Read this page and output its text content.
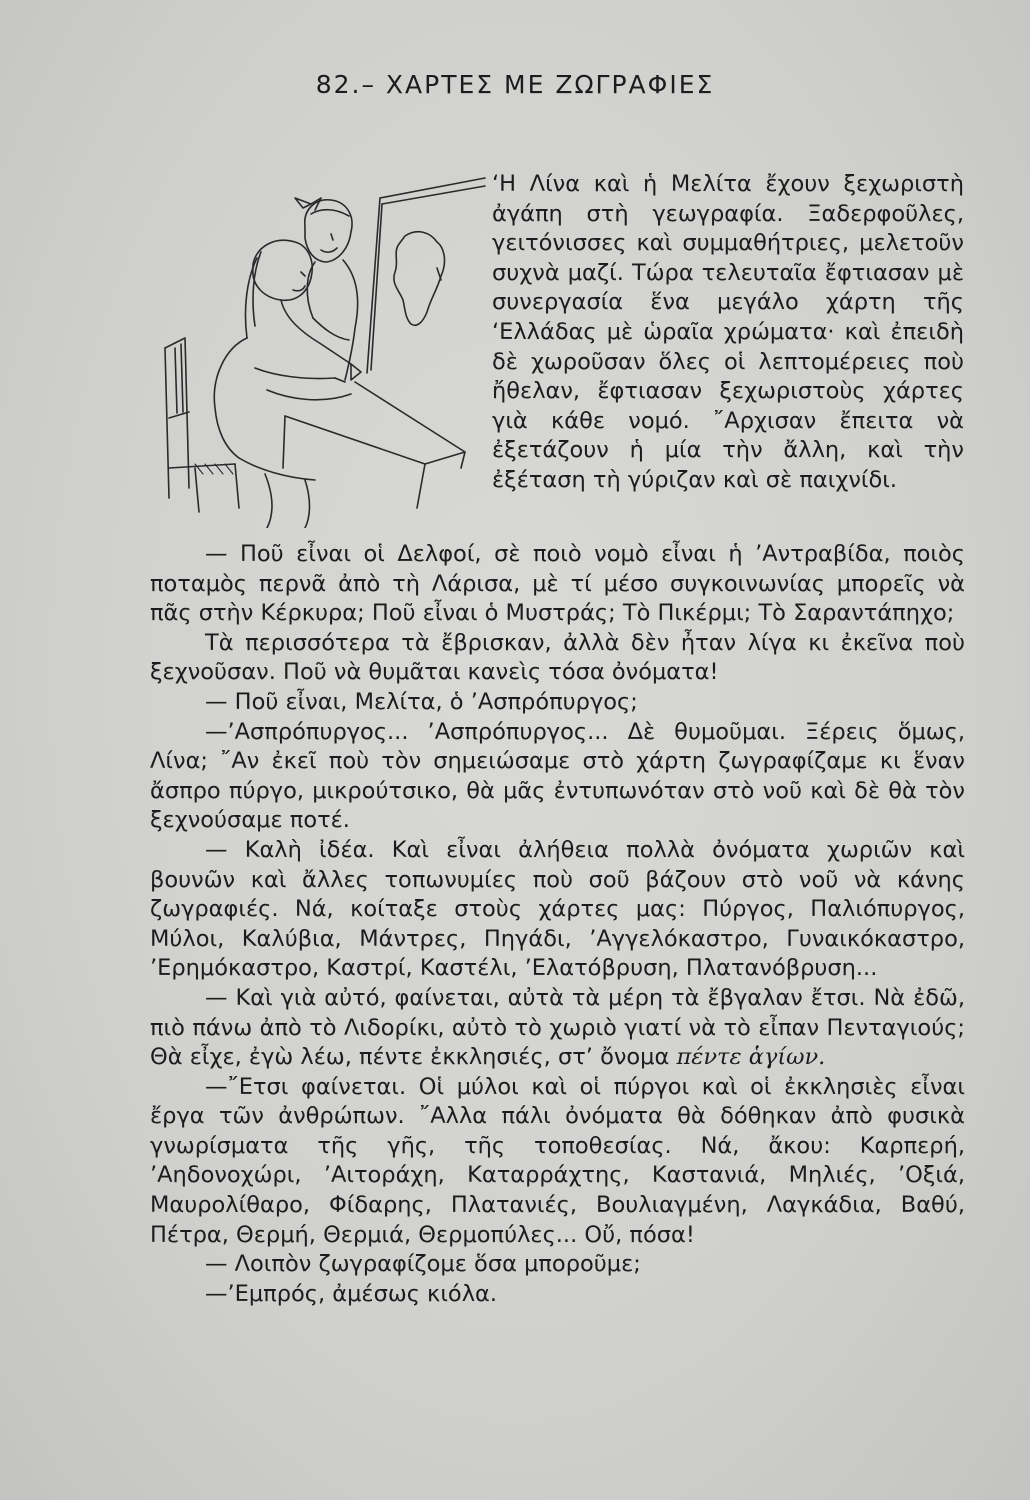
82.– ΧΑΡΤΕΣ ΜΕ ΖΩΓΡΑΦΙΕΣ

‘Η Λίνα καὶ ἡ Μελίτα ἔχουν ξεχωριστὴ ἀγάπη στὴ γεωγραφία. Ξαδερφοῦλες, γειτόνισσες καὶ συμμαθήτριες, μελετοῦν συχνὰ μαζί. Τώρα τελευταῖα ἔφτιασαν μὲ συνεργασία ἕνα μεγάλο χάρτη τῆς ‘Ελλάδας μὲ ὡραῖα χρώματα· καὶ ἐπειδὴ δὲ χωροῦσαν ὅλες οἱ λεπτομέρειες ποὺ ἤθελαν, ἔφτιασαν ξεχωριστοὺς χάρτες γιὰ κάθε νομό. ῎Αρχισαν ἔπειτα νὰ ἐξετάζουν ἡ μία τὴν ἄλλη, καὶ τὴν ἐξέταση τὴ γύριζαν καὶ σὲ παιχνίδι.

— Ποῦ εἶναι οἱ Δελφοί, σὲ ποιὸ νομὸ εἶναι ἡ ’Αντραβίδα, ποιὸς ποταμὸς περνᾶ ἀπὸ τὴ Λάρισα, μὲ τί μέσο συγκοινωνίας μπορεῖς νὰ πᾶς στὴν Κέρκυρα; Ποῦ εἶναι ὁ Μυστράς; Τὸ Πικέρμι; Τὸ Σαραντάπηχο;

Τὰ περισσότερα τὰ ἔβρισκαν, ἀλλὰ δὲν ἦταν λίγα κι ἐκεῖνα ποὺ ξεχνοῦσαν. Ποῦ νὰ θυμᾶται κανεὶς τόσα ὀνόματα!

— Ποῦ εἶναι, Μελίτα, ὁ ’Ασπρόπυργος;

—’Ασπρόπυργος... ’Ασπρόπυργος... Δὲ θυμοῦμαι. Ξέρεις ὅμως, Λίνα; ῎Αν ἐκεῖ ποὺ τὸν σημειώσαμε στὸ χάρτη ζωγραφίζαμε κι ἕναν ἄσπρο πύργο, μικρούτσικο, θὰ μᾶς ἐντυπωνόταν στὸ νοῦ καὶ δὲ θὰ τὸν ξεχνούσαμε ποτέ.

— Καλὴ ἰδέα. Καὶ εἶναι ἀλήθεια πολλὰ ὀνόματα χωριῶν καὶ βουνῶν καὶ ἄλλες τοπωνυμίες ποὺ σοῦ βάζουν στὸ νοῦ νὰ κάνης ζωγραφιές. Νά, κοίταξε στοὺς χάρτες μας: Πύργος, Παλιόπυργος, Μύλοι, Καλύβια, Μάντρες, Πηγάδι, ’Αγγελόκαστρο, Γυναικόκαστρο, ’Ερημόκαστρο, Καστρί, Καστέλι, ’Ελατόβρυση, Πλατανόβρυση...

— Καὶ γιὰ αὐτό, φαίνεται, αὐτὰ τὰ μέρη τὰ ἔβγαλαν ἔτσι. Νὰ ἐδῶ, πιὸ πάνω ἀπὸ τὸ Λιδορίκι, αὐτὸ τὸ χωριὸ γιατί νὰ τὸ εἶπαν Πενταγιούς; Θὰ εἶχε, ἐγὼ λέω, πέντε ἐκκλησιές, στ’ ὄνομα πέντε ἁγίων.

—῎Ετσι φαίνεται. Οἱ μύλοι καὶ οἱ πύργοι καὶ οἱ ἐκκλησιὲς εἶναι ἔργα τῶν ἀνθρώπων. ῎Αλλα πάλι ὀνόματα θὰ δόθηκαν ἀπὸ φυσικὰ γνωρίσματα τῆς γῆς, τῆς τοποθεσίας. Νά, ἄκου: Καρπερή, ’Αηδονοχώρι, ’Αιτοράχη, Καταρράχτης, Καστανιά, Μηλιές, ’Οξιά, Μαυρολίθαρο, Φίδαρης, Πλατανιές, Βουλιαγμένη, Λαγκάδια, Βαθύ, Πέτρα, Θερμή, Θερμιά, Θερμοπύλες... Οὔ, πόσα!

— Λοιπὸν ζωγραφίζομε ὅσα μποροῦμε;

—’Εμπρός, ἀμέσως κιόλα.
